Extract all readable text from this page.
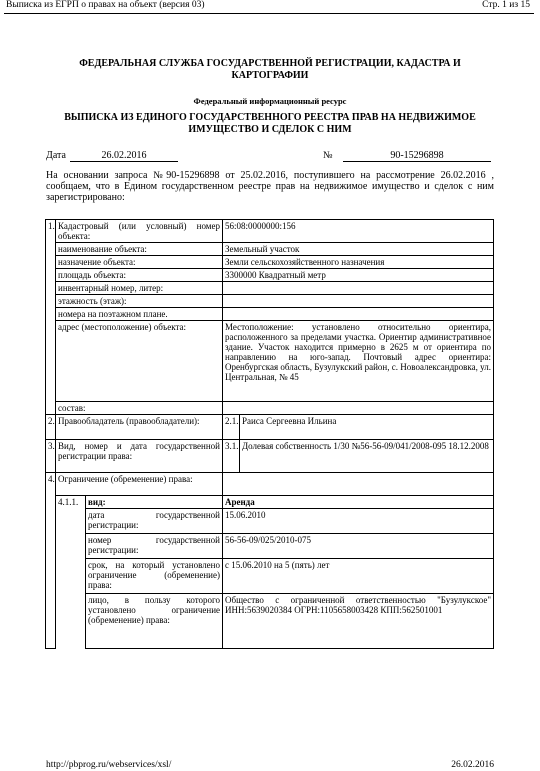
Выписка из ЕГРП о правах на объект (версия 03)	Стр. 1 из 15
ФЕДЕРАЛЬНАЯ СЛУЖБА ГОСУДАРСТВЕННОЙ РЕГИСТРАЦИИ, КАДАСТРА И КАРТОГРАФИИ
Федеральный информационный ресурс
ВЫПИСКА ИЗ ЕДИНОГО ГОСУДАРСТВЕННОГО РЕЕСТРА ПРАВ НА НЕДВИЖИМОЕ ИМУЩЕСТВО И СДЕЛОК С НИМ
Дата	26.02.2016	№	90-15296898
На основании запроса №90-15296898 от 25.02.2016, поступившего на рассмотрение 26.02.2016 , сообщаем, что в Едином государственном реестре прав на недвижимое имущество и сделок с ним зарегистрировано:
1.	Кадастровый (или условный) номер объекта:		56:08:0000000:156	
	наименование объекта:		Земельный участок	
	назначение объекта:		Земли сельскохозяйственного назначения	
	площадь объекта:		3300000 Квадратный метр	
	инвентарный номер, литер:			
	этажность (этаж):			
	номера на поэтажном плане.			
	адрес (местоположение) объекта:		Местоположение: установлено относительно ориентира, расположенного за пределами участка. Ориентир административное здание. Участок находится примерно в 2625 м от ориентира по направлению на юго-запад. Почтовый адрес ориентира: Оренбургская область, Бузулукский район, с. Новоалександровка, ул. Центральная, № 45	
	состав:			
2.	Правообладатель (правообладатели):		2.1.	Раиса Сергеевна Ильина
3.	Вид, номер и дата государственной регистрации права:		3.1.	Долевая собственность 1/30 №56-56-09/041/2008-095 18.12.2008
4.	Ограничение (обременение) права:			
	4.1.1.	вид:	Аренда	
		дата государственной регистрации:	15.06.2010	
		номер государственной регистрации:	56-56-09/025/2010-075	
		срок, на который установлено ограничение (обременение) права:	с 15.06.2010 на 5 (пять) лет	
		лицо, в пользу которого установлено ограничение (обременение) права:	Общество с ограниченной ответственностью "Бузулукское" ИНН:5639020384 ОГРН:1105658003428 КПП:562501001	
http://pbprog.ru/webservices/xsl/	26.02.2016
